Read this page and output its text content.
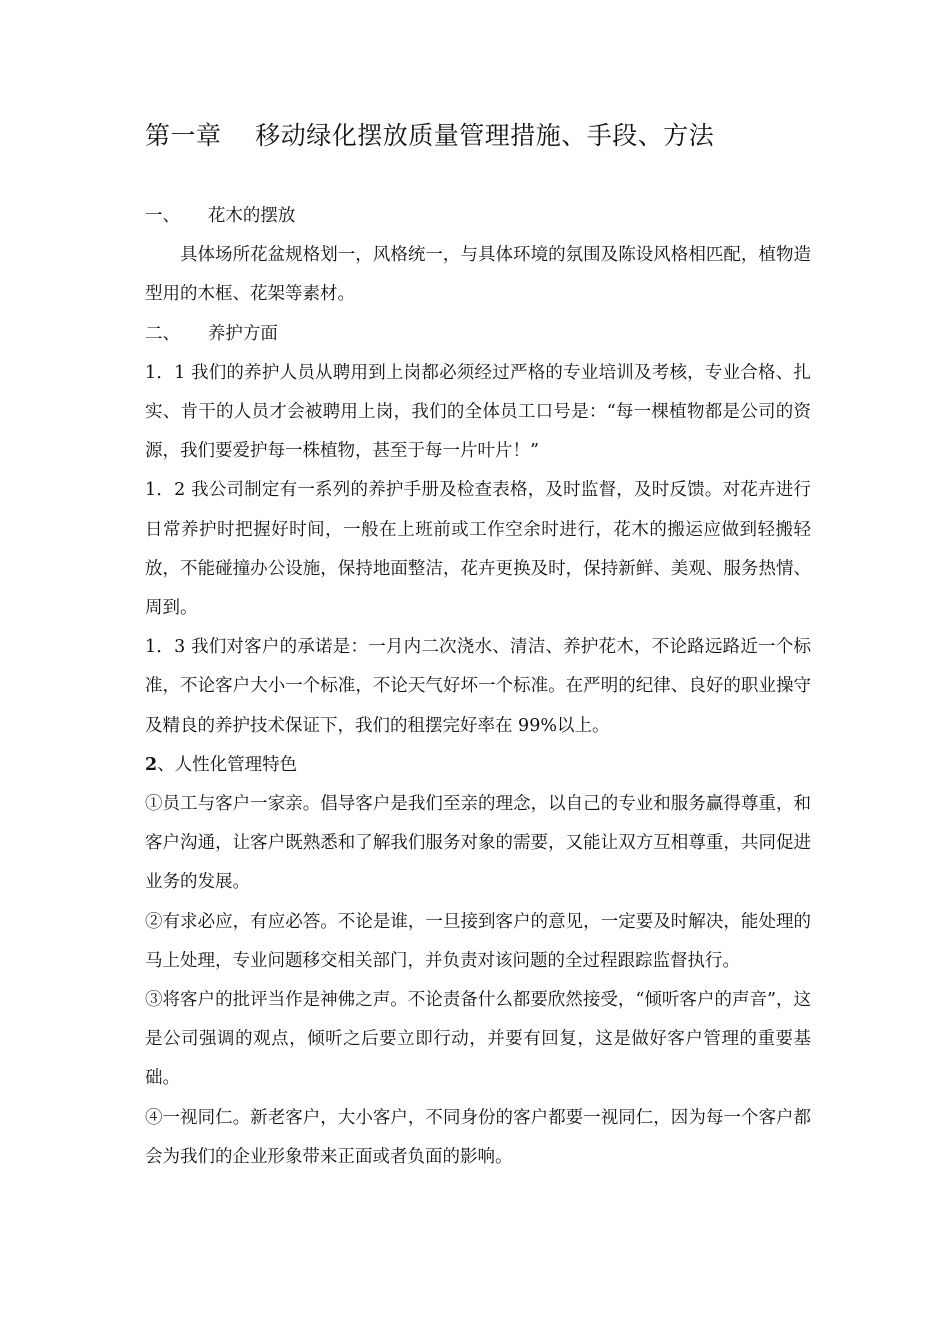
第一章    移动绿化摆放质量管理措施、手段、方法

一、     花木的摆放

具体场所花盆规格划一，风格统一，与具体环境的氛围及陈设风格相匹配，植物造型用的木框、花架等素材。

二、     养护方面

1．1 我们的养护人员从聘用到上岗都必须经过严格的专业培训及考核，专业合格、扎实、肯干的人员才会被聘用上岗，我们的全体员工口号是：“每一棵植物都是公司的资源，我们要爱护每一株植物，甚至于每一片叶片！”

1．2 我公司制定有一系列的养护手册及检查表格，及时监督，及时反馈。对花卉进行日常养护时把握好时间，一般在上班前或工作空余时进行，花木的搬运应做到轻搬轻放，不能碰撞办公设施，保持地面整洁，花卉更换及时，保持新鲜、美观、服务热情、周到。

1．3 我们对客户的承诺是：一月内二次浇水、清洁、养护花木，不论路远路近一个标准，不论客户大小一个标准，不论天气好坏一个标准。在严明的纪律、良好的职业操守及精良的养护技术保证下，我们的租摆完好率在 99%以上。

2、人性化管理特色

①员工与客户一家亲。倡导客户是我们至亲的理念，以自己的专业和服务赢得尊重，和客户沟通，让客户既熟悉和了解我们服务对象的需要，又能让双方互相尊重，共同促进业务的发展。

②有求必应，有应必答。不论是谁，一旦接到客户的意见，一定要及时解决，能处理的马上处理，专业问题移交相关部门，并负责对该问题的全过程跟踪监督执行。

③将客户的批评当作是神佛之声。不论责备什么都要欣然接受，“倾听客户的声音”，这是公司强调的观点，倾听之后要立即行动，并要有回复，这是做好客户管理的重要基础。

④一视同仁。新老客户，大小客户，不同身份的客户都要一视同仁，因为每一个客户都会为我们的企业形象带来正面或者负面的影响。
